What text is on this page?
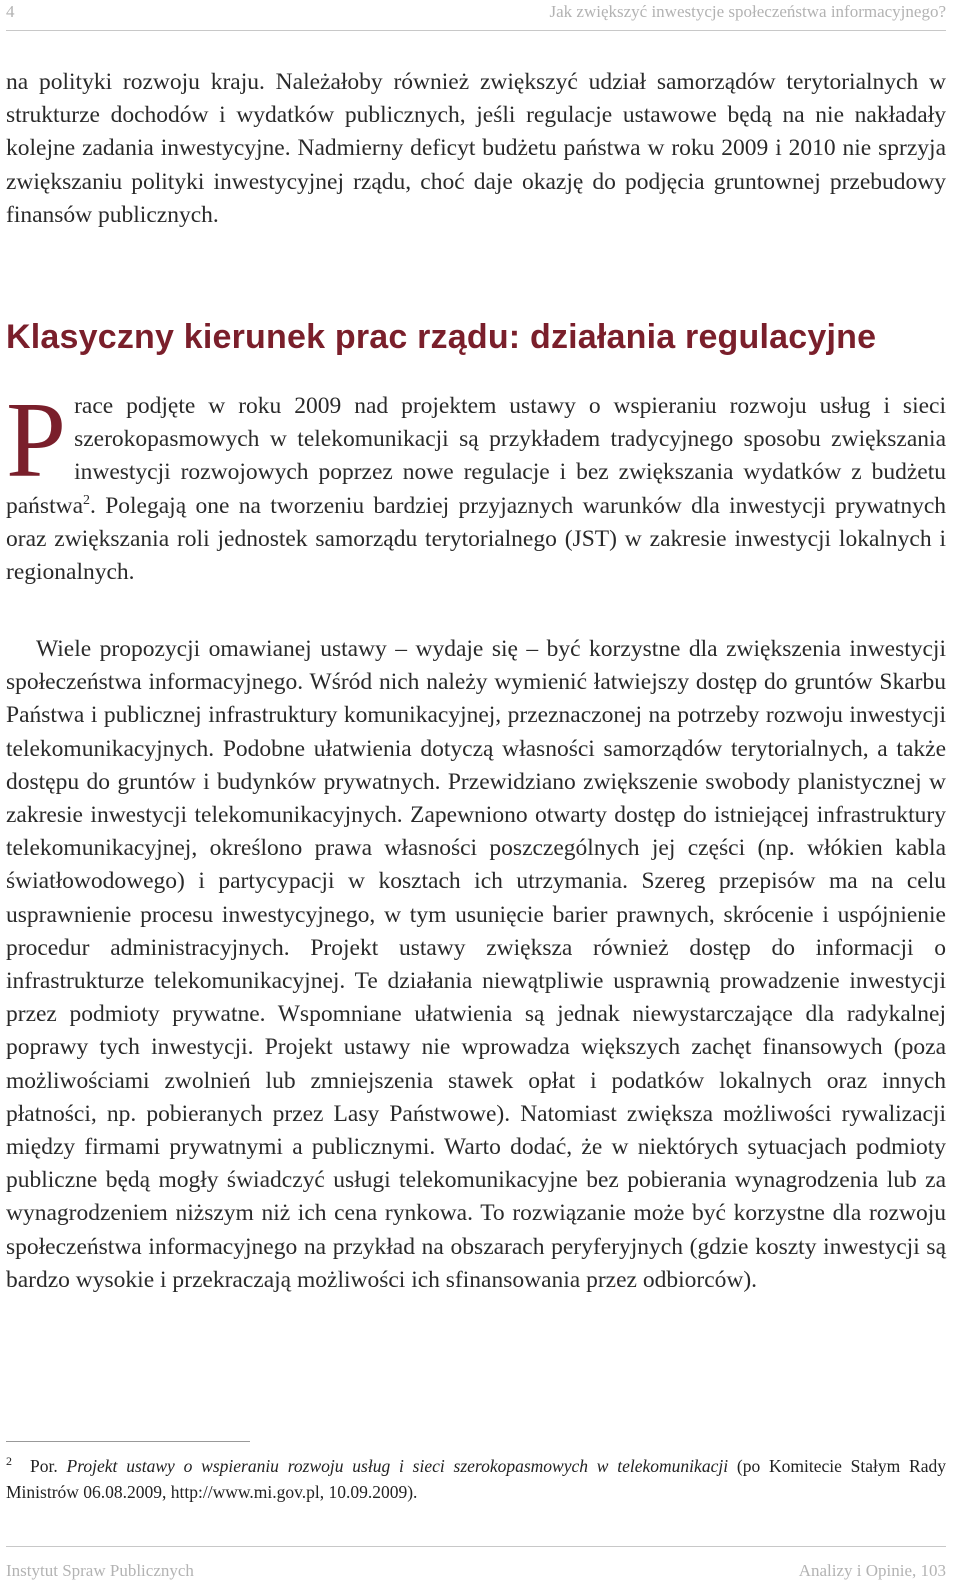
4	Jak zwiększyć inwestycje społeczeństwa informacyjnego?

na polityki rozwoju kraju. Należałoby również zwiększyć udział samorządów terytorialnych w strukturze dochodów i wydatków publicznych, jeśli regulacje ustawowe będą na nie nakładały kolejne zadania inwestycyjne. Nadmierny deficyt budżetu państwa w roku 2009 i 2010 nie sprzyja zwiększaniu polityki inwestycyjnej rządu, choć daje okazję do podjęcia gruntownej przebudowy finansów publicznych.

Klasyczny kierunek prac rządu: działania regulacyjne

Prace podjęte w roku 2009 nad projektem ustawy o wspieraniu rozwoju usług i sieci szerokopasmowych w telekomunikacji są przykładem tradycyjnego sposobu zwiększania inwestycji rozwojowych poprzez nowe regulacje i bez zwiększania wydatków z budżetu państwa$^2$. Polegają one na tworzeniu bardziej przyjaznych warunków dla inwestycji prywatnych oraz zwiększania roli jednostek samorządu terytorialnego (JST) w zakresie inwestycji lokalnych i regionalnych.

Wiele propozycji omawianej ustawy – wydaje się – być korzystne dla zwiększenia inwestycji społeczeństwa informacyjnego. Wśród nich należy wymienić łatwiejszy dostęp do gruntów Skarbu Państwa i publicznej infrastruktury komunikacyjnej, przeznaczonej na potrzeby rozwoju inwestycji telekomunikacyjnych. Podobne ułatwienia dotyczą własności samorządów terytorialnych, a także dostępu do gruntów i budynków prywatnych. Przewidziano zwiększenie swobody planistycznej w zakresie inwestycji telekomunikacyjnych. Zapewniono otwarty dostęp do istniejącej infrastruktury telekomunikacyjnej, określono prawa własności poszczególnych jej części (np. włókien kabla światłowodowego) i partycypacji w kosztach ich utrzymania. Szereg przepisów ma na celu usprawnienie procesu inwestycyjnego, w tym usunięcie barier prawnych, skrócenie i uspójnienie procedur administracyjnych. Projekt ustawy zwiększa również dostęp do informacji o infrastrukturze telekomunikacyjnej. Te działania niewątpliwie usprawnią prowadzenie inwestycji przez podmioty prywatne. Wspomniane ułatwienia są jednak niewystarczające dla radykalnej poprawy tych inwestycji. Projekt ustawy nie wprowadza większych zachęt finansowych (poza możliwościami zwolnień lub zmniejszenia stawek opłat i podatków lokalnych oraz innych płatności, np. pobieranych przez Lasy Państwowe). Natomiast zwiększa możliwości rywalizacji między firmami prywatnymi a publicznymi. Warto dodać, że w niektórych sytuacjach podmioty publiczne będą mogły świadczyć usługi telekomunikacyjne bez pobierania wynagrodzenia lub za wynagrodzeniem niższym niż ich cena rynkowa. To rozwiązanie może być korzystne dla rozwoju społeczeństwa informacyjnego na przykład na obszarach peryferyjnych (gdzie koszty inwestycji są bardzo wysokie i przekraczają możliwości ich sfinansowania przez odbiorców).

$^2$ Por. Projekt ustawy o wspieraniu rozwoju usług i sieci szerokopasmowych w telekomunikacji (po Komitecie Stałym Rady Ministrów 06.08.2009, http://www.mi.gov.pl, 10.09.2009).

Instytut Spraw Publicznych	Analizy i Opinie, 103
